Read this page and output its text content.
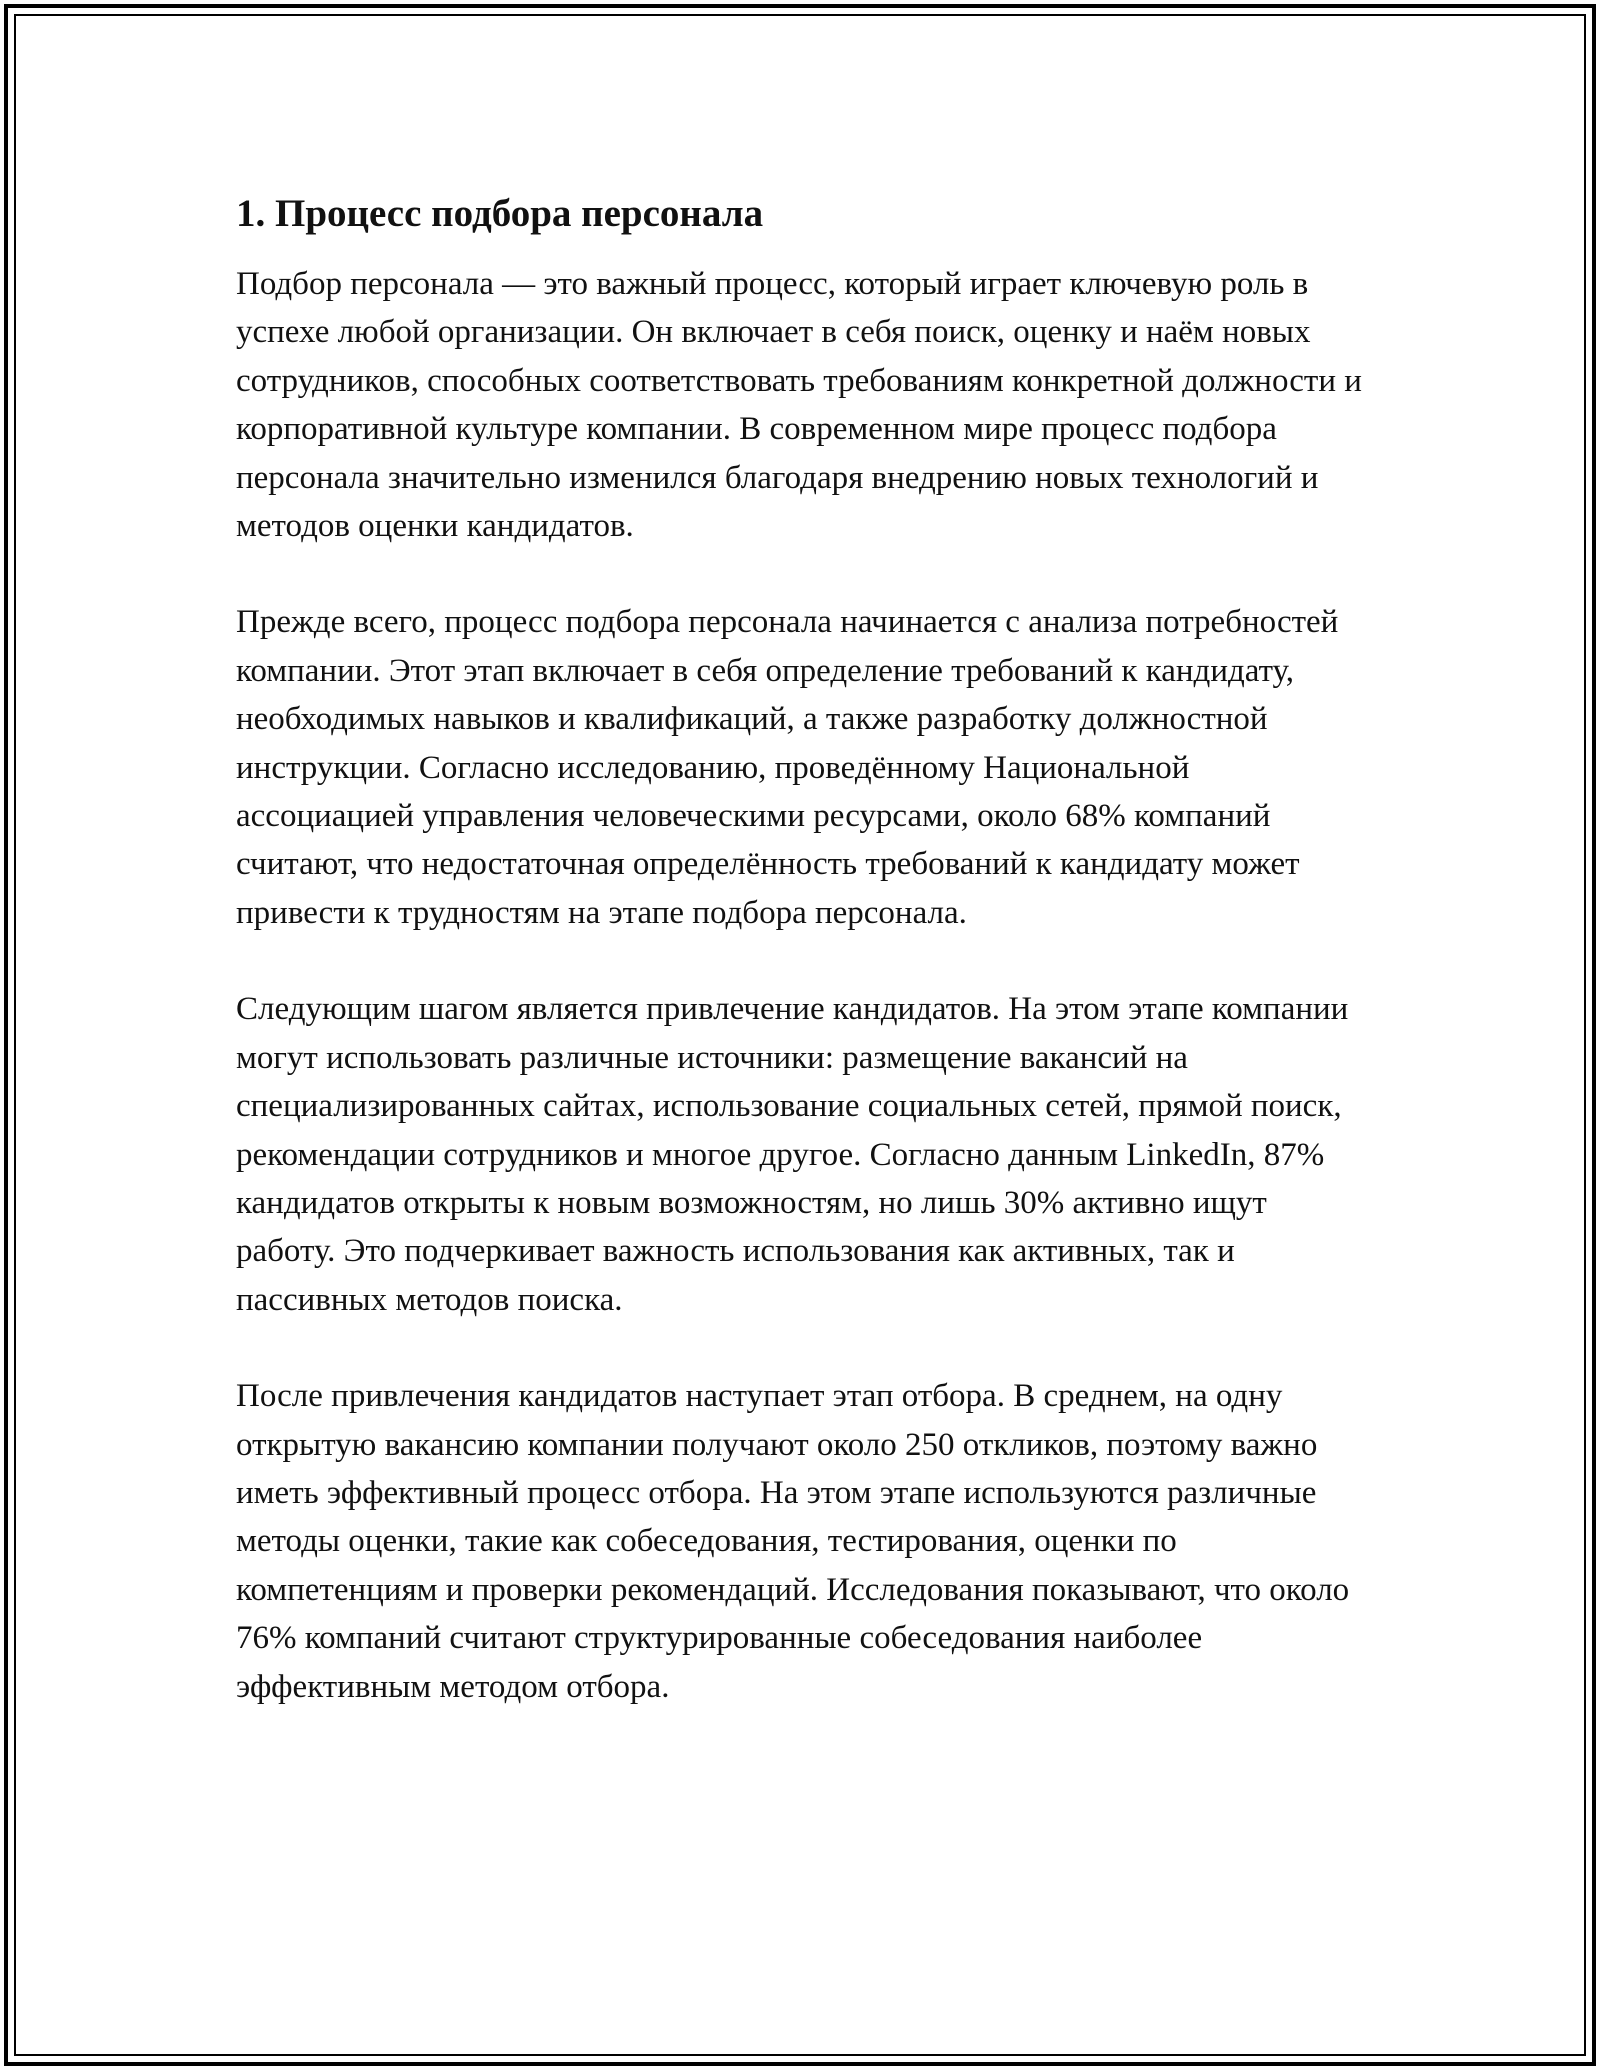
1. Процесс подбора персонала

Подбор персонала — это важный процесс, который играет ключевую роль в успехе любой организации. Он включает в себя поиск, оценку и наём новых сотрудников, способных соответствовать требованиям конкретной должности и корпоративной культуре компании. В современном мире процесс подбора персонала значительно изменился благодаря внедрению новых технологий и методов оценки кандидатов.

Прежде всего, процесс подбора персонала начинается с анализа потребностей компании. Этот этап включает в себя определение требований к кандидату, необходимых навыков и квалификаций, а также разработку должностной инструкции. Согласно исследованию, проведённому Национальной ассоциацией управления человеческими ресурсами, около 68% компаний считают, что недостаточная определённость требований к кандидату может привести к трудностям на этапе подбора персонала.

Следующим шагом является привлечение кандидатов. На этом этапе компании могут использовать различные источники: размещение вакансий на специализированных сайтах, использование социальных сетей, прямой поиск, рекомендации сотрудников и многое другое. Согласно данным LinkedIn, 87% кандидатов открыты к новым возможностям, но лишь 30% активно ищут работу. Это подчеркивает важность использования как активных, так и пассивных методов поиска.

После привлечения кандидатов наступает этап отбора. В среднем, на одну открытую вакансию компании получают около 250 откликов, поэтому важно иметь эффективный процесс отбора. На этом этапе используются различные методы оценки, такие как собеседования, тестирования, оценки по компетенциям и проверки рекомендаций. Исследования показывают, что около 76% компаний считают структурированные собеседования наиболее эффективным методом отбора.
